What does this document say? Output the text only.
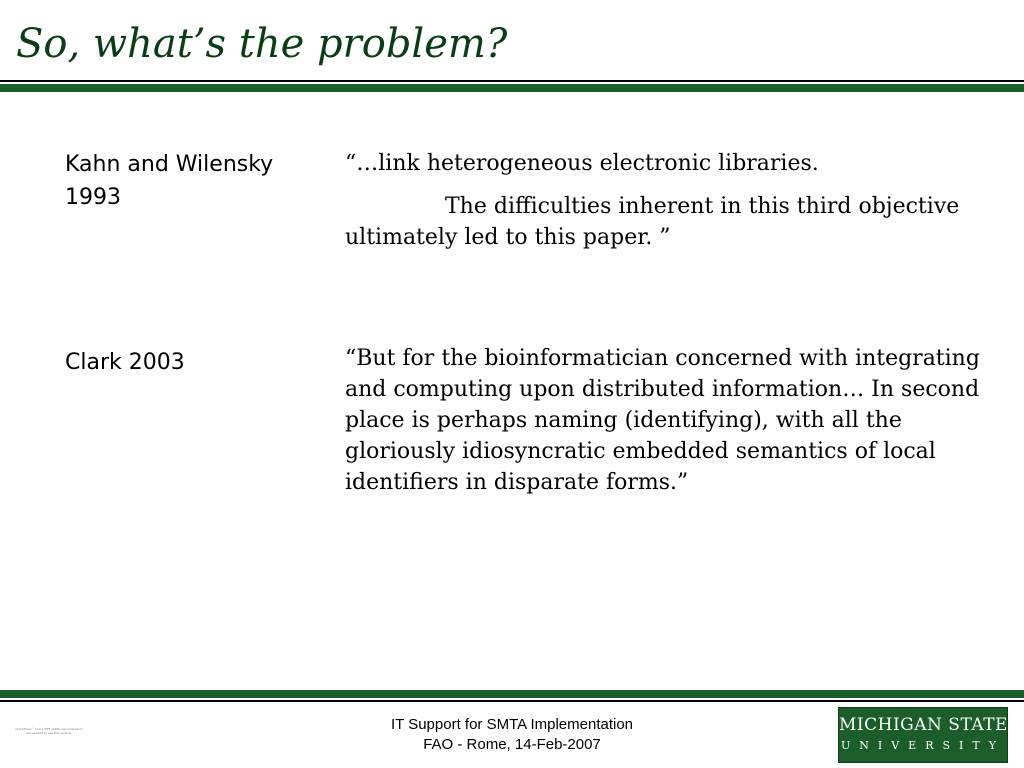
So, what’s the problem?
Kahn and Wilensky 1993

“…link heterogeneous electronic libraries.

The difficulties inherent in this third objective ultimately led to this paper. ”

Clark 2003	“But for the bioinformatician concerned with integrating and computing upon distributed information… In second place is perhaps naming (identifying), with all the gloriously idiosyncratic embedded semantics of local identifiers in disparate forms.”

QuickTime™ and a TIFF (LZW) decompressor are needed to see this picture.	IT Support for SMTA Implementation
FAO - Rome, 14-Feb-2007
MICHIGAN STATE
UNIVERSITY
